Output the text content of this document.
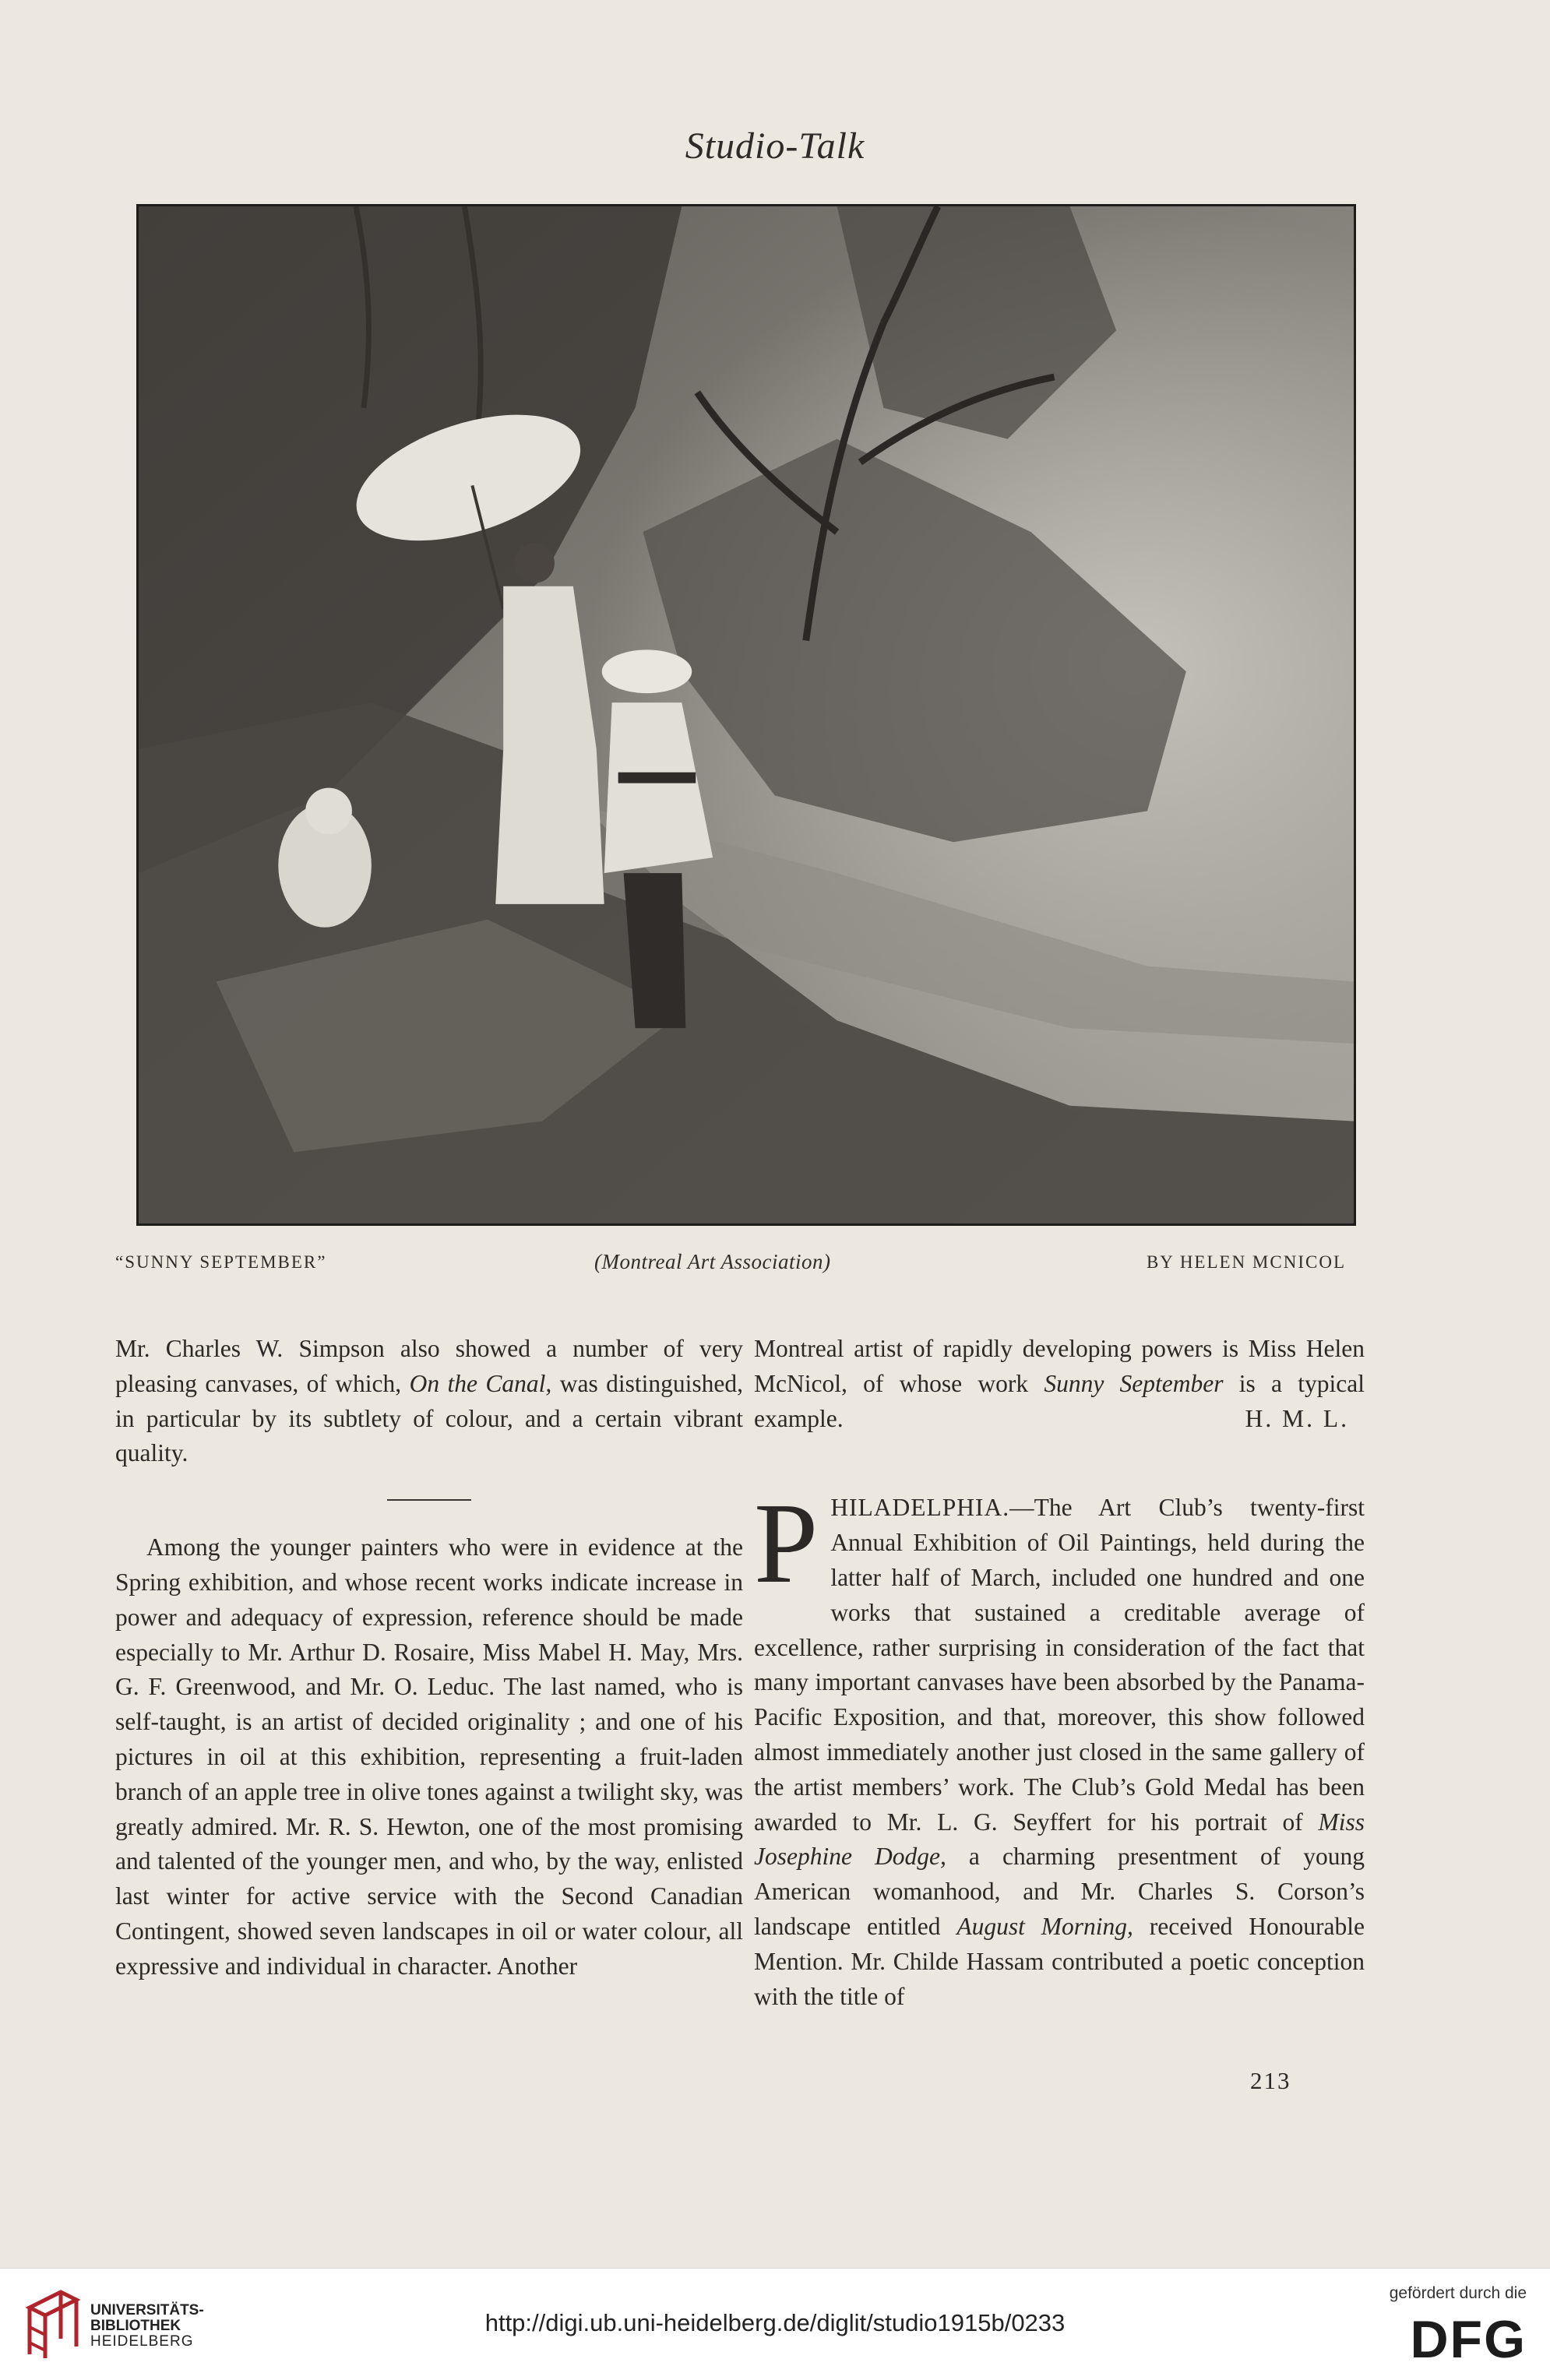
Studio-Talk
“SUNNY SEPTEMBER”	(Montreal Art Association)	BY HELEN MCNICOL

Mr. Charles W. Simpson also showed a number of very pleasing canvases, of which, On the Canal, was distinguished, in particular by its subtlety of colour, and a certain vibrant quality.

Among the younger painters who were in evidence at the Spring exhibition, and whose recent works indicate increase in power and adequacy of expression, reference should be made especially to Mr. Arthur D. Rosaire, Miss Mabel H. May, Mrs. G. F. Greenwood, and Mr. O. Leduc. The last named, who is self-taught, is an artist of decided originality ; and one of his pictures in oil at this exhibition, representing a fruit-laden branch of an apple tree in olive tones against a twilight sky, was greatly admired. Mr. R. S. Hewton, one of the most promising and talented of the younger men, and who, by the way, enlisted last winter for active service with the Second Canadian Contingent, showed seven landscapes in oil or water colour, all expressive and individual in character. Another

Montreal artist of rapidly developing powers is Miss Helen McNicol, of whose work Sunny September is a typical example.	H. M. L.

PHILADELPHIA.—The Art Club’s twenty-first Annual Exhibition of Oil Paintings, held during the latter half of March, included one hundred and one works that sustained a creditable average of excellence, rather surprising in consideration of the fact that many important canvases have been absorbed by the Panama-Pacific Exposition, and that, moreover, this show followed almost immediately another just closed in the same gallery of the artist members’ work. The Club’s Gold Medal has been awarded to Mr. L. G. Seyffert for his portrait of Miss Josephine Dodge, a charming presentment of young American womanhood, and Mr. Charles S. Corson’s landscape entitled August Morning, received Honourable Mention. Mr. Childe Hassam contributed a poetic conception with the title of

213
UNIVERSITÄTS-
BIBLIOTHEK
HEIDELBERG
http://digi.ub.uni-heidelberg.de/diglit/studio1915b/0233
gefördert durch die
DFG
